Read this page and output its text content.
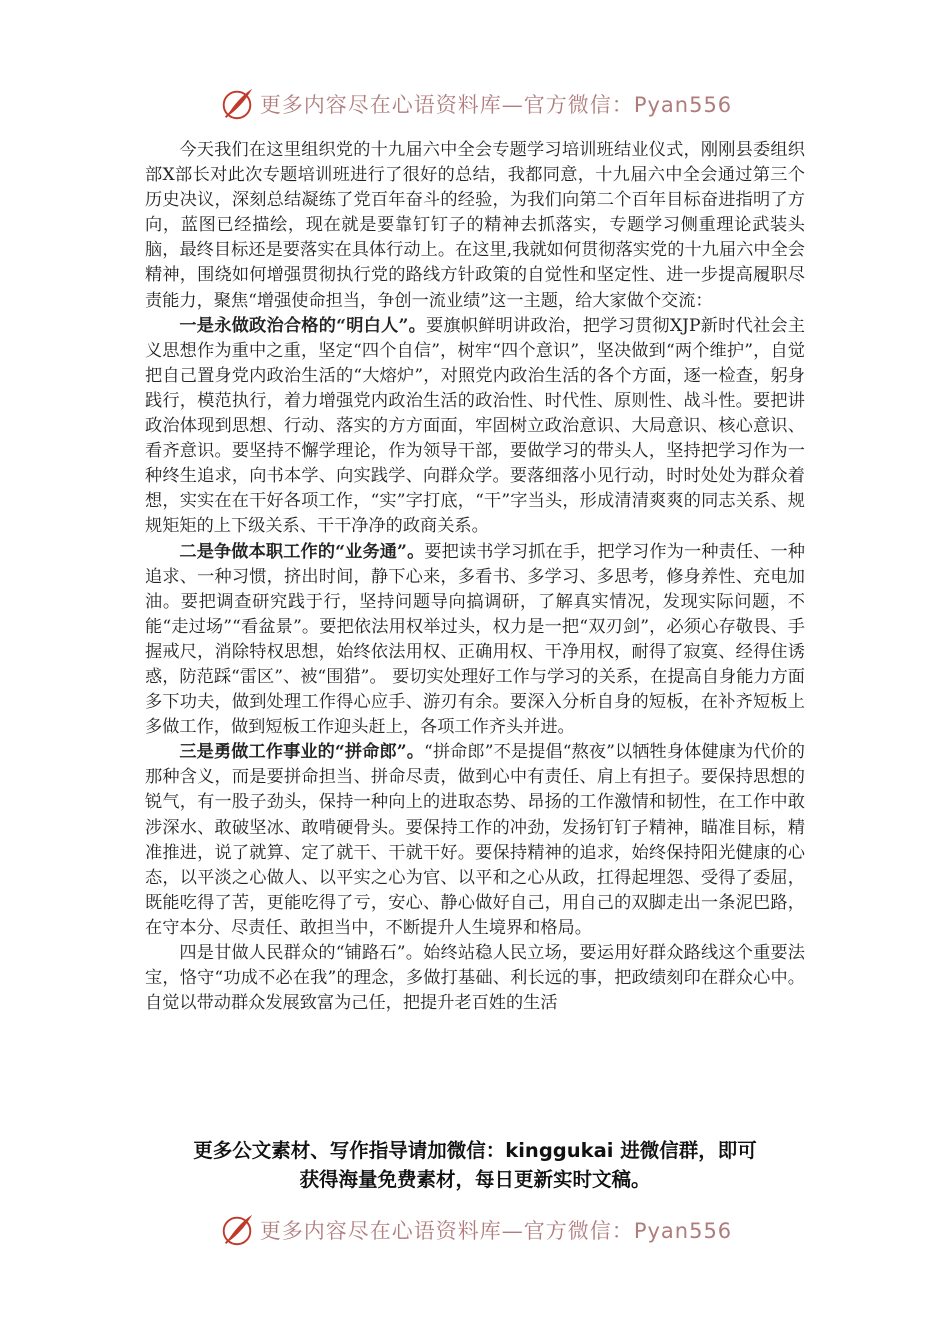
更多内容尽在心语资料库—官方微信：Pyan556

今天我们在这里组织党的十九届六中全会专题学习培训班结业仪式，刚刚县委组织部X部长对此次专题培训班进行了很好的总结，我都同意，十九届六中全会通过第三个历史决议，深刻总结凝练了党百年奋斗的经验，为我们向第二个百年目标奋进指明了方向，蓝图已经描绘，现在就是要靠钉钉子的精神去抓落实，专题学习侧重理论武装头脑，最终目标还是要落实在具体行动上。在这里,我就如何贯彻落实党的十九届六中全会精神，围绕如何增强贯彻执行党的路线方针政策的自觉性和坚定性、进一步提高履职尽责能力，聚焦“增强使命担当，争创一流业绩”这一主题，给大家做个交流：

一是永做政治合格的“明白人”。要旗帜鲜明讲政治，把学习贯彻XJP新时代社会主义思想作为重中之重，坚定“四个自信”，树牢“四个意识”，坚决做到“两个维护”，自觉把自己置身党内政治生活的“大熔炉”，对照党内政治生活的各个方面，逐一检查，躬身践行，模范执行，着力增强党内政治生活的政治性、时代性、原则性、战斗性。要把讲政治体现到思想、行动、落实的方方面面，牢固树立政治意识、大局意识、核心意识、看齐意识。要坚持不懈学理论，作为领导干部，要做学习的带头人，坚持把学习作为一种终生追求，向书本学、向实践学、向群众学。要落细落小见行动，时时处处为群众着想，实实在在干好各项工作，“实”字打底，“干”字当头，形成清清爽爽的同志关系、规规矩矩的上下级关系、干干净净的政商关系。

二是争做本职工作的“业务通”。要把读书学习抓在手，把学习作为一种责任、一种追求、一种习惯，挤出时间，静下心来，多看书、多学习、多思考，修身养性、充电加油。要把调查研究践于行，坚持问题导向搞调研，了解真实情况，发现实际问题，不能“走过场”“看盆景”。要把依法用权举过头，权力是一把“双刃剑”，必须心存敬畏、手握戒尺，消除特权思想，始终依法用权、正确用权、干净用权，耐得了寂寞、经得住诱惑，防范踩“雷区”、被“围猎”。 要切实处理好工作与学习的关系，在提高自身能力方面多下功夫，做到处理工作得心应手、游刃有余。要深入分析自身的短板，在补齐短板上多做工作，做到短板工作迎头赶上，各项工作齐头并进。

三是勇做工作事业的“拼命郎”。“拼命郎”不是提倡“熬夜”以牺牲身体健康为代价的那种含义，而是要拼命担当、拼命尽责，做到心中有责任、肩上有担子。要保持思想的锐气，有一股子劲头，保持一种向上的进取态势、昂扬的工作激情和韧性，在工作中敢涉深水、敢破坚冰、敢啃硬骨头。要保持工作的冲劲，发扬钉钉子精神，瞄准目标，精准推进，说了就算、定了就干、干就干好。要保持精神的追求，始终保持阳光健康的心态，以平淡之心做人、以平实之心为官、以平和之心从政，扛得起埋怨、受得了委屈，既能吃得了苦，更能吃得了亏，安心、静心做好自己，用自己的双脚走出一条泥巴路，在守本分、尽责任、敢担当中，不断提升人生境界和格局。

四是甘做人民群众的“铺路石”。始终站稳人民立场，要运用好群众路线这个重要法宝，恪守“功成不必在我”的理念，多做打基础、利长远的事，把政绩刻印在群众心中。自觉以带动群众发展致富为己任，把提升老百姓的生活

更多公文素材、写作指导请加微信：kinggukai 进微信群，即可
获得海量免费素材，每日更新实时文稿。
更多内容尽在心语资料库—官方微信：Pyan556
